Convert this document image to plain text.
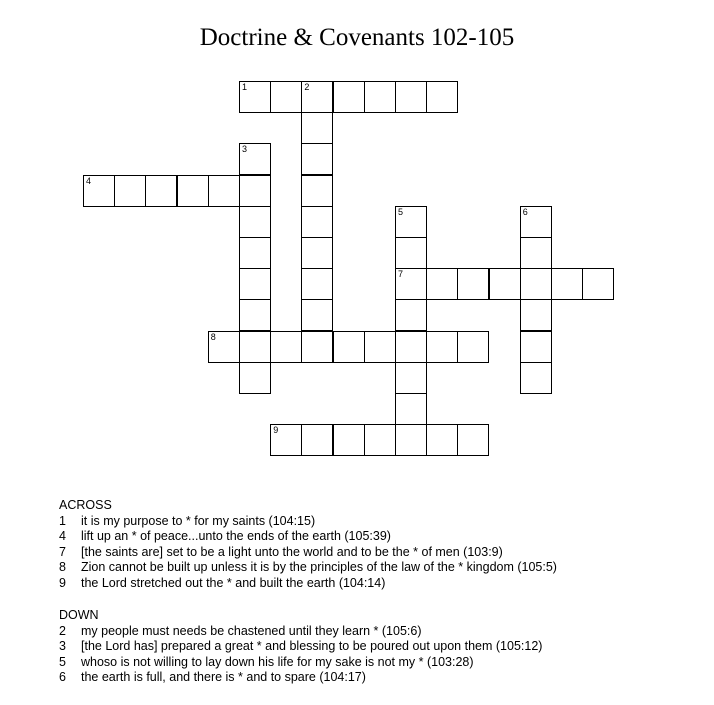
Doctrine & Covenants 102-105
1	2
3
4
5
7
6
8
9
ACROSS
1	it is my purpose to * for my saints (104:15)
4	lift up an * of peace...unto the ends of the earth (105:39)
7	[the saints are] set to be a light unto the world and to be the * of men (103:9)
8	Zion cannot be built up unless it is by the principles of the law of the * kingdom (105:5)
9	the Lord stretched out the * and built the earth (104:14)
DOWN
2	my people must needs be chastened until they learn * (105:6)
3	[the Lord has] prepared a great * and blessing to be poured out upon them (105:12)
5	whoso is not willing to lay down his life for my sake is not my * (103:28)
6	the earth is full, and there is * and to spare (104:17)
